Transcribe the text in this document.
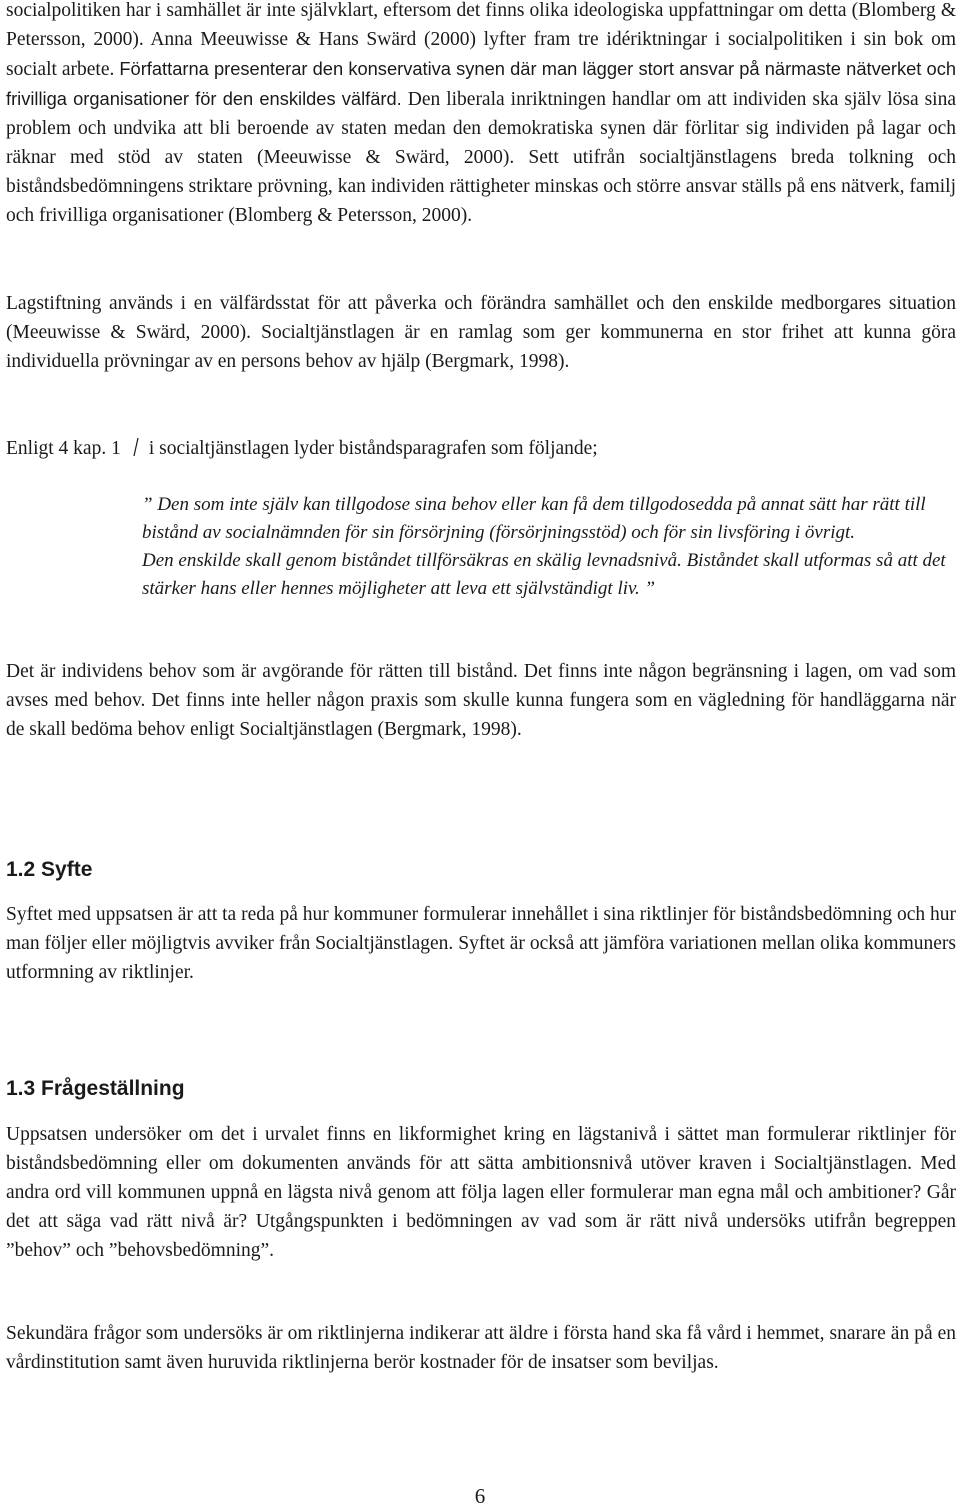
socialpolitiken har i samhället är inte självklart, eftersom det finns olika ideologiska uppfattningar om detta (Blomberg & Petersson, 2000). Anna Meeuwisse & Hans Swärd (2000) lyfter fram tre idériktningar i socialpolitiken i sin bok om socialt arbete. Författarna presenterar den konservativa synen där man lägger stort ansvar på närmaste nätverket och frivilliga organisationer för den enskildes välfärd. Den liberala inriktningen handlar om att individen ska själv lösa sina problem och undvika att bli beroende av staten medan den demokratiska synen där förlitar sig individen på lagar och räknar med stöd av staten (Meeuwisse & Swärd, 2000). Sett utifrån socialtjänstlagens breda tolkning och biståndsbedömningens striktare prövning, kan individen rättigheter minskas och större ansvar ställs på ens nätverk, familj och frivilliga organisationer (Blomberg & Petersson, 2000).

Lagstiftning används i en välfärdsstat för att påverka och förändra samhället och den enskilde medborgares situation (Meeuwisse & Swärd, 2000). Socialtjänstlagen är en ramlag som ger kommunerna en stor frihet att kunna göra individuella prövningar av en persons behov av hjälp (Bergmark, 1998).

Enligt 4 kap. 1 i socialtjänstlagen lyder biståndsparagrafen som följande;

” Den som inte själv kan tillgodose sina behov eller kan få dem tillgodosedda på annat sätt har rätt till bistånd av socialnämnden för sin försörjning (försörjningsstöd) och för sin livsföring i övrigt.
Den enskilde skall genom biståndet tillförsäkras en skälig levnadsnivå. Biståndet skall utformas så att det stärker hans eller hennes möjligheter att leva ett självständigt liv. ”

Det är individens behov som är avgörande för rätten till bistånd. Det finns inte någon begränsning i lagen, om vad som avses med behov. Det finns inte heller någon praxis som skulle kunna fungera som en vägledning för handläggarna när de skall bedöma behov enligt Socialtjänstlagen (Bergmark, 1998).

1.2 Syfte

Syftet med uppsatsen är att ta reda på hur kommuner formulerar innehållet i sina riktlinjer för biståndsbedömning och hur man följer eller möjligtvis avviker från Socialtjänstlagen. Syftet är också att jämföra variationen mellan olika kommuners utformning av riktlinjer.

1.3 Frågeställning

Uppsatsen undersöker om det i urvalet finns en likformighet kring en lägstanivå i sättet man formulerar riktlinjer för biståndsbedömning eller om dokumenten används för att sätta ambitionsnivå utöver kraven i Socialtjänstlagen. Med andra ord vill kommunen uppnå en lägsta nivå genom att följa lagen eller formulerar man egna mål och ambitioner? Går det att säga vad rätt nivå är? Utgångspunkten i bedömningen av vad som är rätt nivå undersöks utifrån begreppen ”behov” och ”behovsbedömning”.

Sekundära frågor som undersöks är om riktlinjerna indikerar att äldre i första hand ska få vård i hemmet, snarare än på en vårdinstitution samt även huruvida riktlinjerna berör kostnader för de insatser som beviljas.

6
